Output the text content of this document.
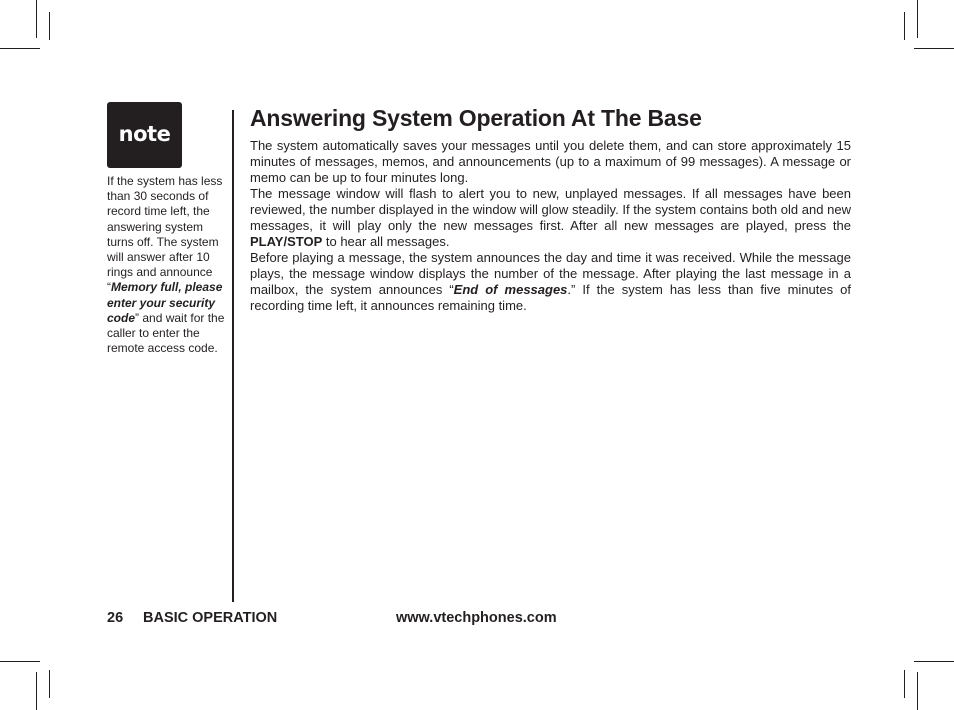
note
If the system has less than 30 seconds of record time left, the answering system turns off. The system will answer after 10 rings and announce “Memory full, please enter your security code” and wait for the caller to enter the remote access code.
Answering System Operation At The Base

The system automatically saves your messages until you delete them, and can store approximately 15 minutes of messages, memos, and announcements (up to a maximum of 99 messages). A message or memo can be up to four minutes long.

The message window will flash to alert you to new, unplayed messages. If all messages have been reviewed, the number displayed in the window will glow steadily. If the system contains both old and new messages, it will play only the new messages first. After all new messages are played, press the PLAY/STOP to hear all messages.

Before playing a message, the system announces the day and time it was received. While the message plays, the message window displays the number of the message. After playing the last message in a mailbox, the system announces “End of messages.” If the system has less than five minutes of recording time left, it announces remaining time.

26 BASIC OPERATION	www.vtechphones.com
